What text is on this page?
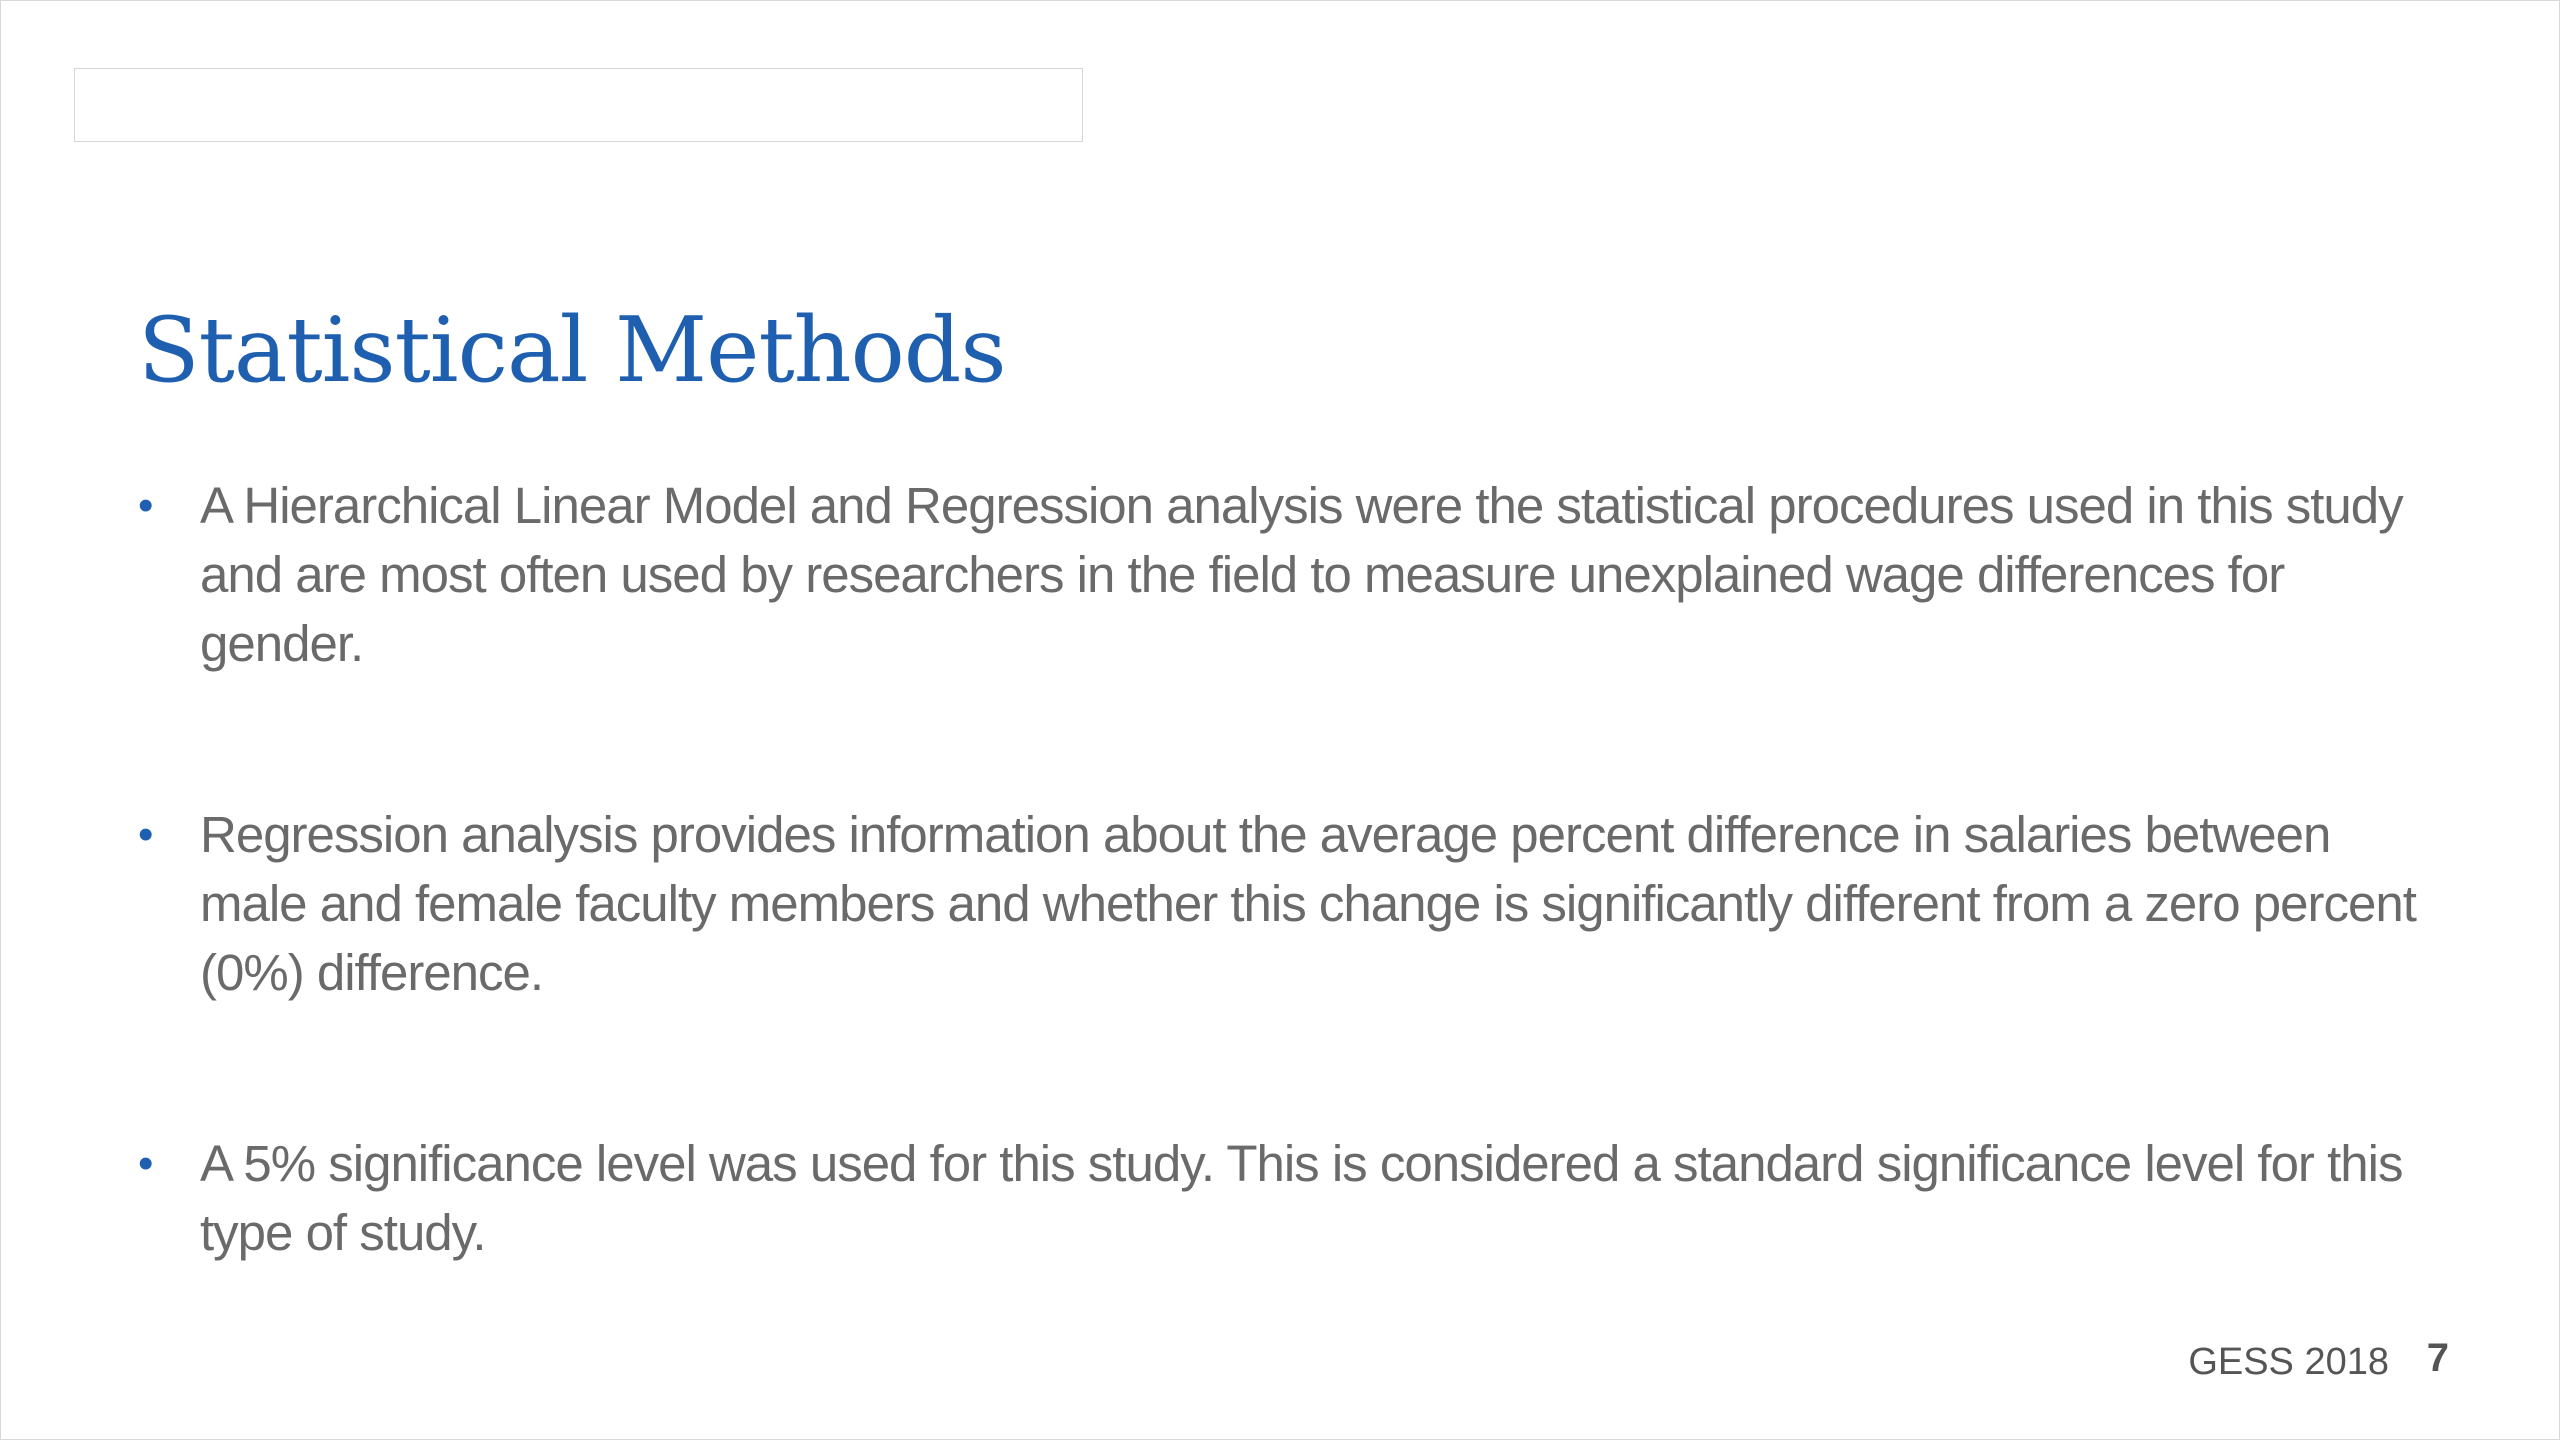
Statistical Methods
• A Hierarchical Linear Model and Regression analysis were the statistical procedures used in this study and are most often used by researchers in the field to measure unexplained wage differences for gender.
• Regression analysis provides information about the average percent difference in salaries between male and female faculty members and whether this change is significantly different from a zero percent (0%) difference.
• A 5% significance level was used for this study. This is considered a standard significance level for this type of study.
GESS 2018 7
